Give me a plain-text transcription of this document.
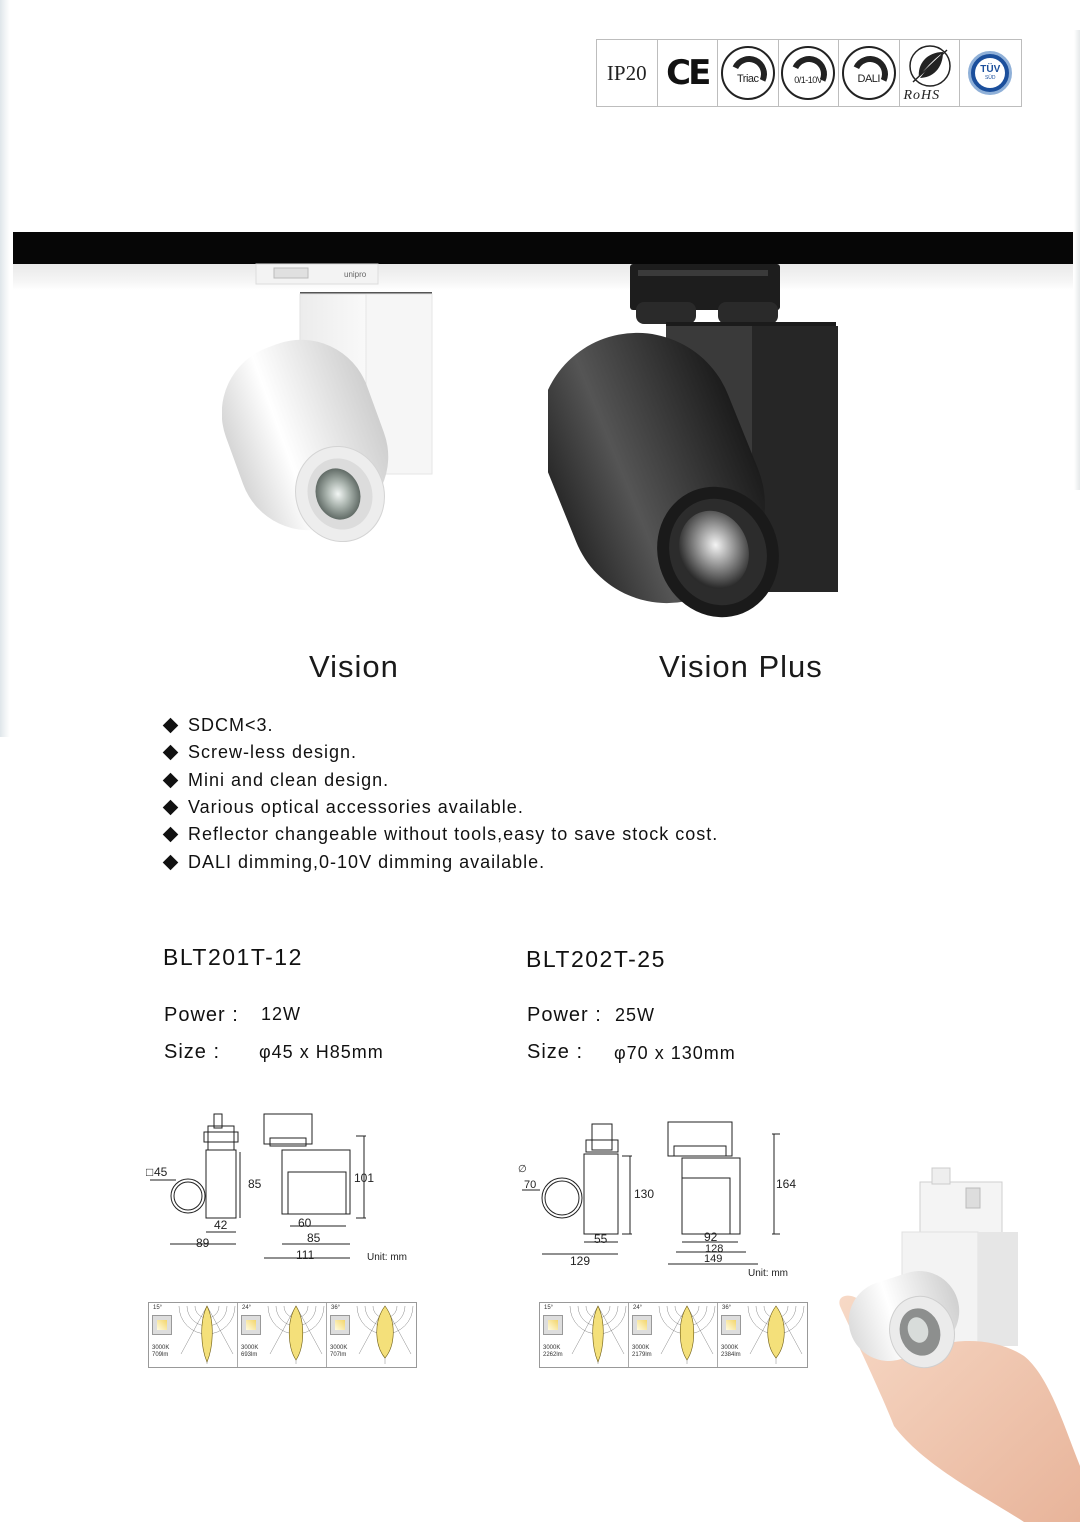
IP20 CE	Triac	0/1-10V	DALI
RoHS
TÜV
SÜD
unipro
Vision	Vision Plus
SDCM<3.
Screw-less design.
Mini and clean design.
Various optical accessories available.
Reflector changeable without tools,easy to save stock cost.
DALI dimming,0-10V dimming available.
BLT201T-12
Power : 12W
Size : φ45 x H85mm
BLT202T-25
Power : 25W
Size : φ70 x 130mm
45
□
85	101
42
89
60
85
111	Unit: mm
∅
70
130
164
55
129
92
128
149
Unit: mm
15°
3000K
709lm
24°
3000K
693lm
36°
3000K
707lm
15°
3000K
2262lm
24°
3000K
2179lm
36°
3000K
2384lm
